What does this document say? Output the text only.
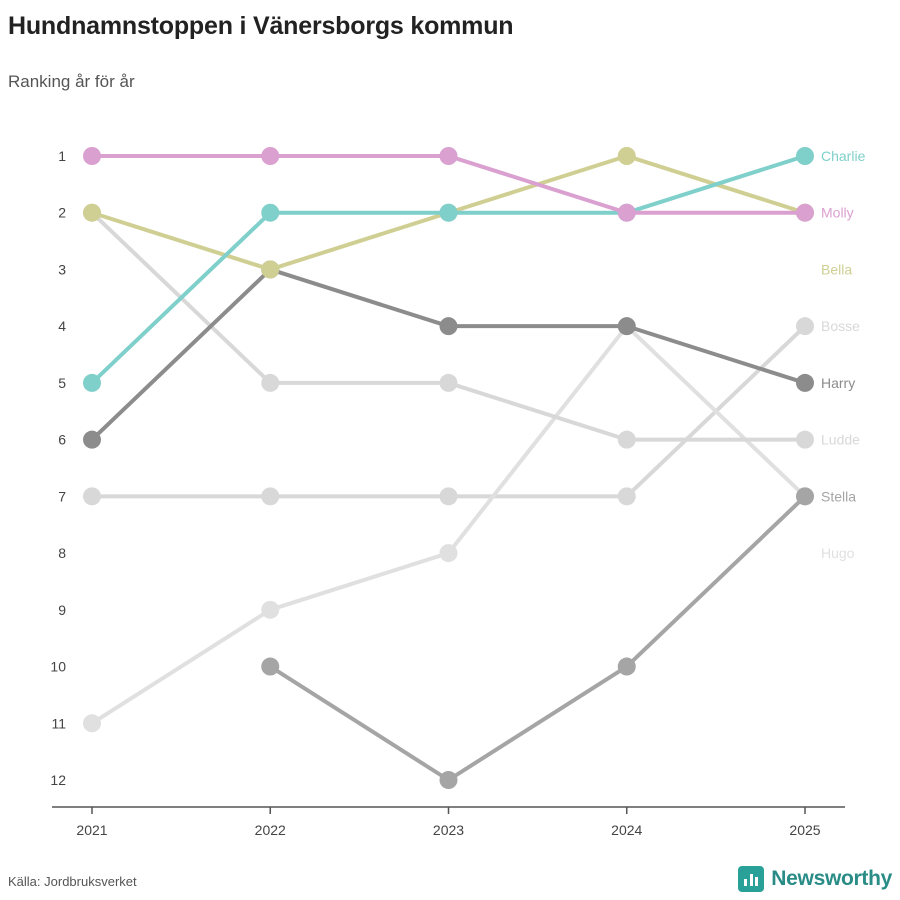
Hundnamnstoppen i Vänersborgs kommun
Ranking år för år
1
2
3
4
5
6
7
8
9
10
11
12
2021	2022	2023	2024	2025
Charlie
Molly
Bella
Bosse
Harry
Ludde
Stella
Hugo
Källa: Jordbruksverket	Newsworthy
